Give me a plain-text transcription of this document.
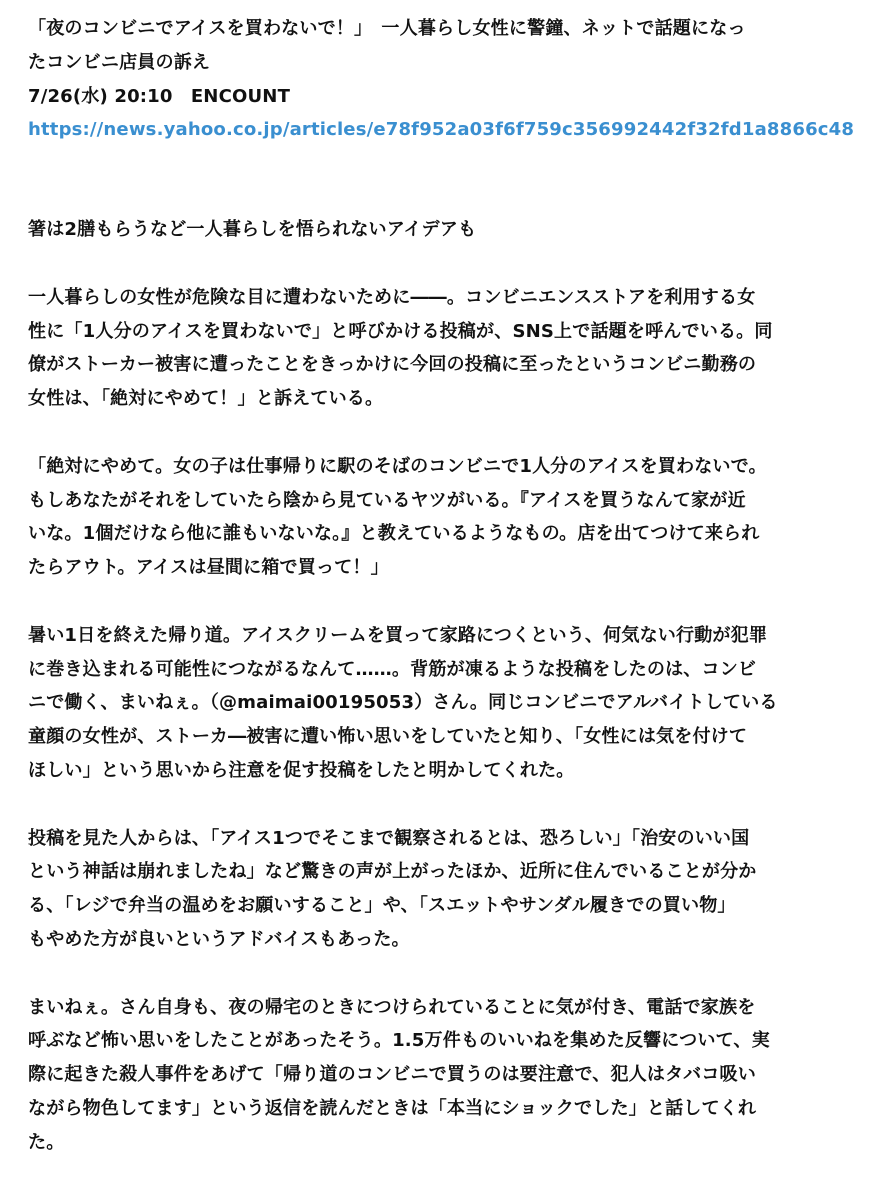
「夜のコンビニでアイスを買わないで！」　一人暮らし女性に警鐘、ネットで話題になっ
たコンビニ店員の訴え
7/26(水) 20:10　ENCOUNT
https://news.yahoo.co.jp/articles/e78f952a03f6f759c356992442f32fd1a8866c48
箸は2膳もらうなど一人暮らしを悟られないアイデアも
一人暮らしの女性が危険な目に遭わないために――。コンビニエンスストアを利用する女
性に「1人分のアイスを買わないで」と呼びかける投稿が、SNS上で話題を呼んでいる。同
僚がストーカー被害に遭ったことをきっかけに今回の投稿に至ったというコンビニ勤務の
女性は、「絶対にやめて！」と訴えている。
「絶対にやめて。女の子は仕事帰りに駅のそばのコンビニで1人分のアイスを買わないで。
もしあなたがそれをしていたら陰から見ているヤツがいる。『アイスを買うなんて家が近
いな。1個だけなら他に誰もいないな。』と教えているようなもの。店を出てつけて来られ
たらアウト。アイスは昼間に箱で買って！」
暑い1日を終えた帰り道。アイスクリームを買って家路につくという、何気ない行動が犯罪
に巻き込まれる可能性につながるなんて……。背筋が凍るような投稿をしたのは、コンビ
ニで働く、まいねぇ。（@maimai00195053）さん。同じコンビニでアルバイトしている
童顔の女性が、ストーカ―被害に遭い怖い思いをしていたと知り、「女性には気を付けて
ほしい」という思いから注意を促す投稿をしたと明かしてくれた。
投稿を見た人からは、「アイス1つでそこまで観察されるとは、恐ろしい」「治安のいい国
という神話は崩れましたね」など驚きの声が上がったほか、近所に住んでいることが分か
る、「レジで弁当の温めをお願いすること」や、「スエットやサンダル履きでの買い物」
もやめた方が良いというアドバイスもあった。
まいねぇ。さん自身も、夜の帰宅のときにつけられていることに気が付き、電話で家族を
呼ぶなど怖い思いをしたことがあったそう。1.5万件ものいいねを集めた反響について、実
際に起きた殺人事件をあげて「帰り道のコンビニで買うのは要注意で、犯人はタバコ吸い
ながら物色してます」という返信を読んだときは「本当にショックでした」と話してくれ
た。
